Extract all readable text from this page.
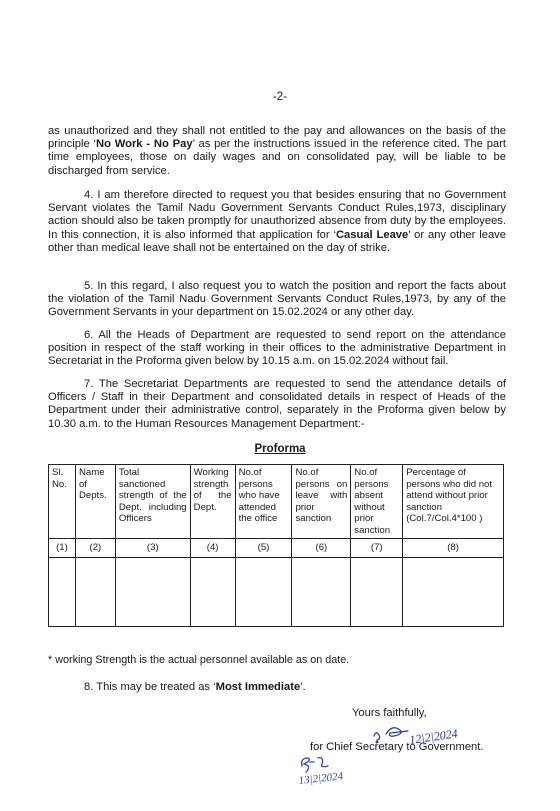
-2-

as unauthorized and they shall not entitled to the pay and allowances on the basis of the principle ‘No Work - No Pay’ as per the instructions issued in the reference cited. The part time employees, those on daily wages and on consolidated pay, will be liable to be discharged from service.

4. I am therefore directed to request you that besides ensuring that no Government Servant violates the Tamil Nadu Government Servants Conduct Rules,1973, disciplinary action should also be taken promptly for unauthorized absence from duty by the employees. In this connection, it is also informed that application for ‘Casual Leave’ or any other leave other than medical leave shall not be entertained on the day of strike.

5. In this regard, I also request you to watch the position and report the facts about the violation of the Tamil Nadu Government Servants Conduct Rules,1973, by any of the Government Servants in your department on 15.02.2024 or any other day.

6. All the Heads of Department are requested to send report on the attendance position in respect of the staff working in their offices to the administrative Department in Secretariat in the Proforma given below by 10.15 a.m. on 15.02.2024 without fail.

7. The Secretariat Departments are requested to send the attendance details of Officers / Staff in their Department and consolidated details in respect of Heads of the Department under their administrative control, separately in the Proforma given below by 10.30 a.m. to the Human Resources Management Department:-

Proforma
Sl. No.	Name of Depts.	Total sanctioned strength of the Dept. including Officers	Working strength of the Dept.	No.of persons who have attended the office	No.of persons on leave with prior sanction	No.of persons absent without prior sanction	Percentage of persons who did not attend without prior sanction (Col.7/Col.4*100 )
(1)	(2)	(3)	(4)	(5)	(6)	(7)	(8)

* working Strength is the actual personnel available as on date.
8. This may be treated as ‘Most Immediate’.
Yours faithfully,
12|2|2024
for Chief Secretary to Government.
13|2|2024
